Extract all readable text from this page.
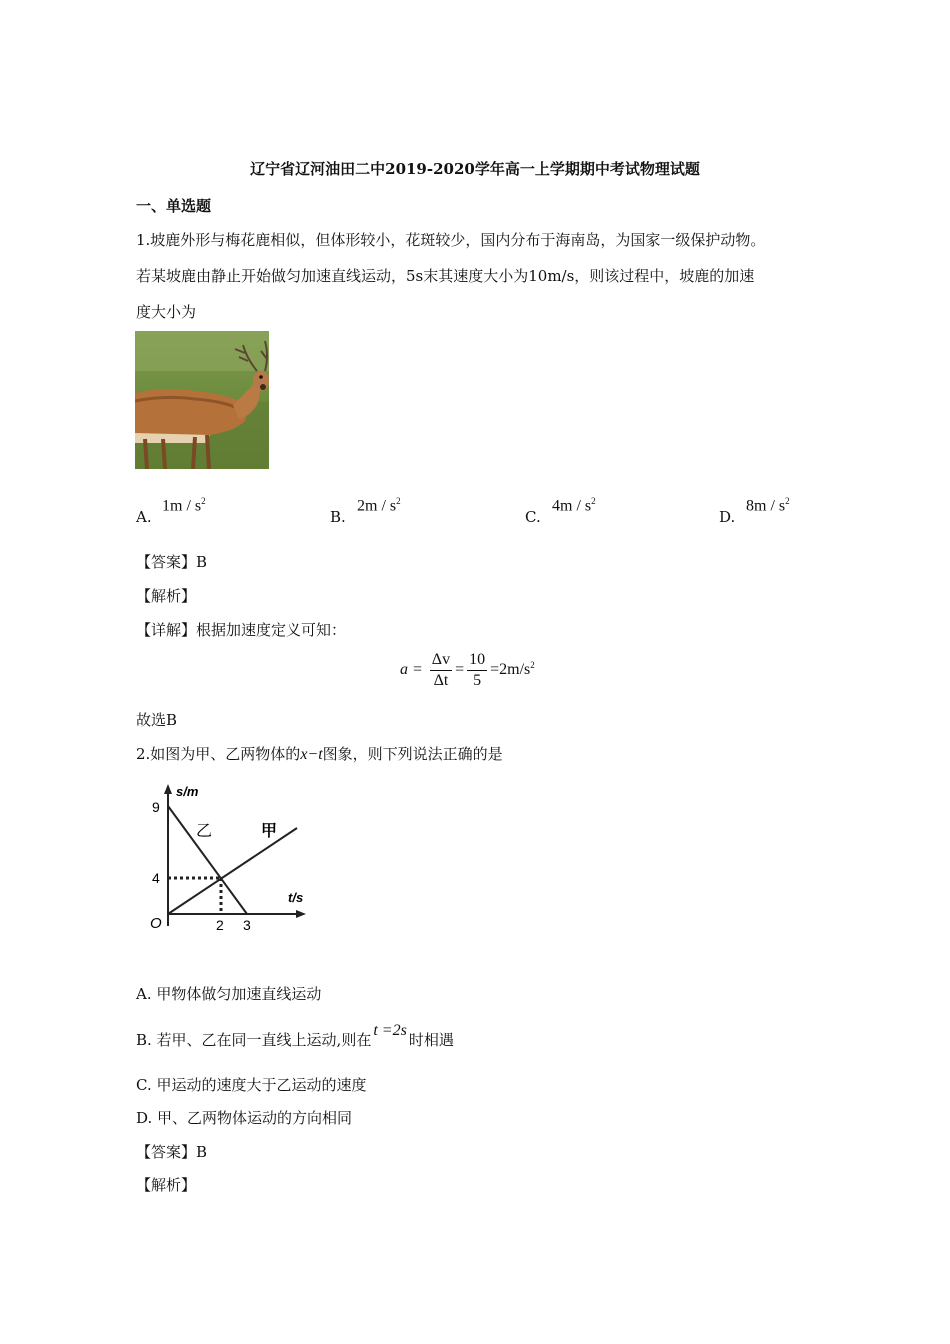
辽宁省辽河油田二中2019-2020学年高一上学期期中考试物理试题
一、单选题
1.坡鹿外形与梅花鹿相似，但体形较小，花斑较少，国内分布于海南岛，为国家一级保护动物。
若某坡鹿由静止开始做匀加速直线运动，5s末其速度大小为10m/s，则该过程中，坡鹿的加速
度大小为
A.
$1m / s^2$
B.
$2m / s^2$
C.
$4m / s^2$
D.
$8m / s^2$
【答案】B
【解析】
【详解】根据加速度定义可知：
$a = \frac{\Delta v}{\Delta t} = \frac{10}{5} =2m/s^2$
故选B
2.如图为甲、乙两物体的x−t图象，则下列说法正确的是
s/m
t/s
O
9
4
2 3
乙	甲
A. 甲物体做匀加速直线运动
B. 若甲、乙在同一直线上运动,则在t =2s时相遇
C. 甲运动的速度大于乙运动的速度
D. 甲、乙两物体运动的方向相同
【答案】B
【解析】
